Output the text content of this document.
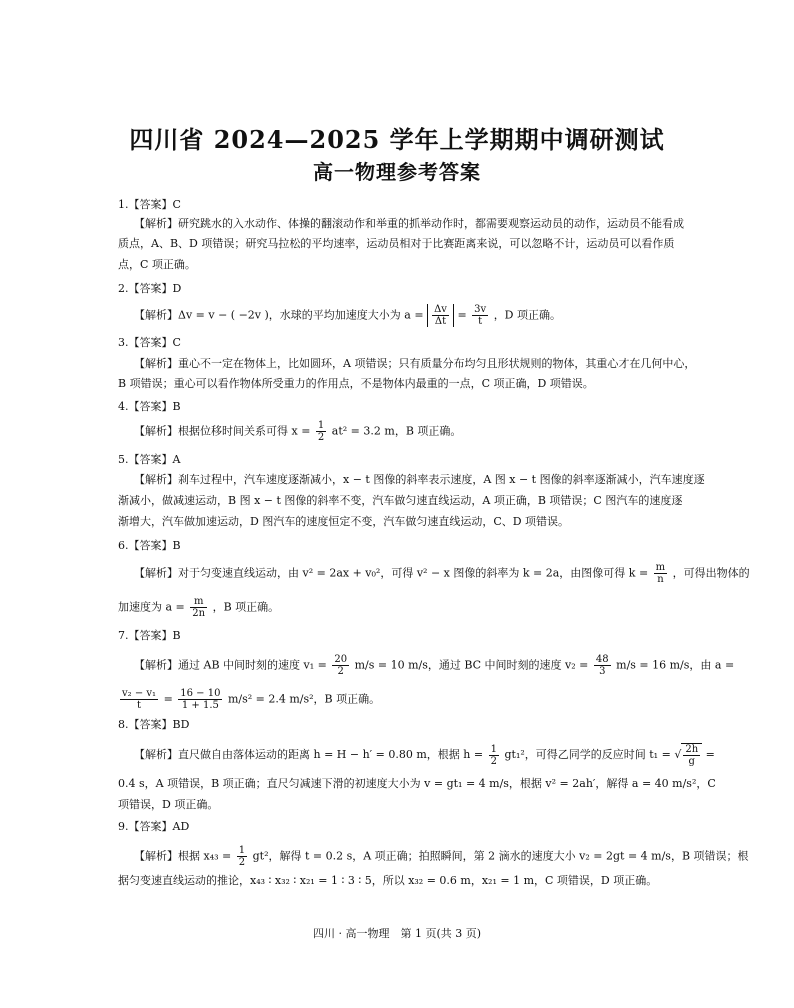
四川省 2024—2025 学年上学期期中调研测试
高一物理参考答案
1.【答案】C
【解析】研究跳水的入水动作、体操的翻滚动作和举重的抓举动作时，都需要观察运动员的动作，运动员不能看成
质点，A、B、D 项错误；研究马拉松的平均速率，运动员相对于比赛距离来说，可以忽略不计，运动员可以看作质
点，C 项正确。
2.【答案】D
【解析】Δv = v − ( −2v )，水球的平均加速度大小为 $a = \frac{\Delta v}{\Delta t} = \frac{3v}{t}$ ，D 项正确。
3.【答案】C
【解析】重心不一定在物体上，比如圆环，A 项错误；只有质量分布均匀且形状规则的物体，其重心才在几何中心，
B 项错误；重心可以看作物体所受重力的作用点，不是物体内最重的一点，C 项正确，D 项错误。
4.【答案】B
【解析】根据位移时间关系可得 $x = \frac{1}{2} at^2 = 3.2$ m，B 项正确。
5.【答案】A
【解析】刹车过程中，汽车速度逐渐减小，x − t 图像的斜率表示速度，A 图 x − t 图像的斜率逐渐减小，汽车速度逐
渐减小，做减速运动，B 图 x − t 图像的斜率不变，汽车做匀速直线运动，A 项正确，B 项错误；C 图汽车的速度逐
渐增大，汽车做加速运动，D 图汽车的速度恒定不变，汽车做匀速直线运动，C、D 项错误。
6.【答案】B
【解析】对于匀变速直线运动，由 v² = 2ax + v₀²，可得 v² − x 图像的斜率为 k = 2a，由图像可得 $k = \frac{m}{n}$ ，可得出物体的
加速度为 $a = \frac{m}{2n}$ ，B 项正确。
7.【答案】B
【解析】通过 AB 中间时刻的速度 $v_1 = \frac{20}{2} m/s = 10$ m/s，通过 BC 中间时刻的速度 $v_2 = \frac{48}{3} m/s = 16$ m/s，由 a =
$\frac{\text{v₂ − v₁}}{t} = \frac{16 - 10}{1 + 1.5} m/s^2 = 2.4$ m/s²，B 项正确。
8.【答案】BD
【解析】直尺做自由落体运动的距离 h = H − h′ = 0.80 m，根据 $h = \frac{1}{2} gt_1^2$，可得乙同学的反应时间 t₁ = √ $\frac{2h}{g}$ =
0.4 s，A 项错误，B 项正确；直尺匀减速下滑的初速度大小为 v = gt₁ = 4 m/s，根据 v² = 2ah′，解得 a = 40 m/s²，C
项错误，D 项正确。
9.【答案】AD
【解析】根据 $x_{43} = \frac{1}{2} gt^2$，解得 t = 0.2 s，A 项正确；拍照瞬间，第 2 滴水的速度大小 v₂ = 2gt = 4 m/s，B 项错误；根
据匀变速直线运动的推论，x₄₃ ∶ x₃₂ ∶ x₂₁ = 1 ∶ 3 ∶ 5，所以 x₃₂ = 0.6 m，x₂₁ = 1 m，C 项错误，D 项正确。
四川 · 高一物理　第 1 页(共 3 页)
